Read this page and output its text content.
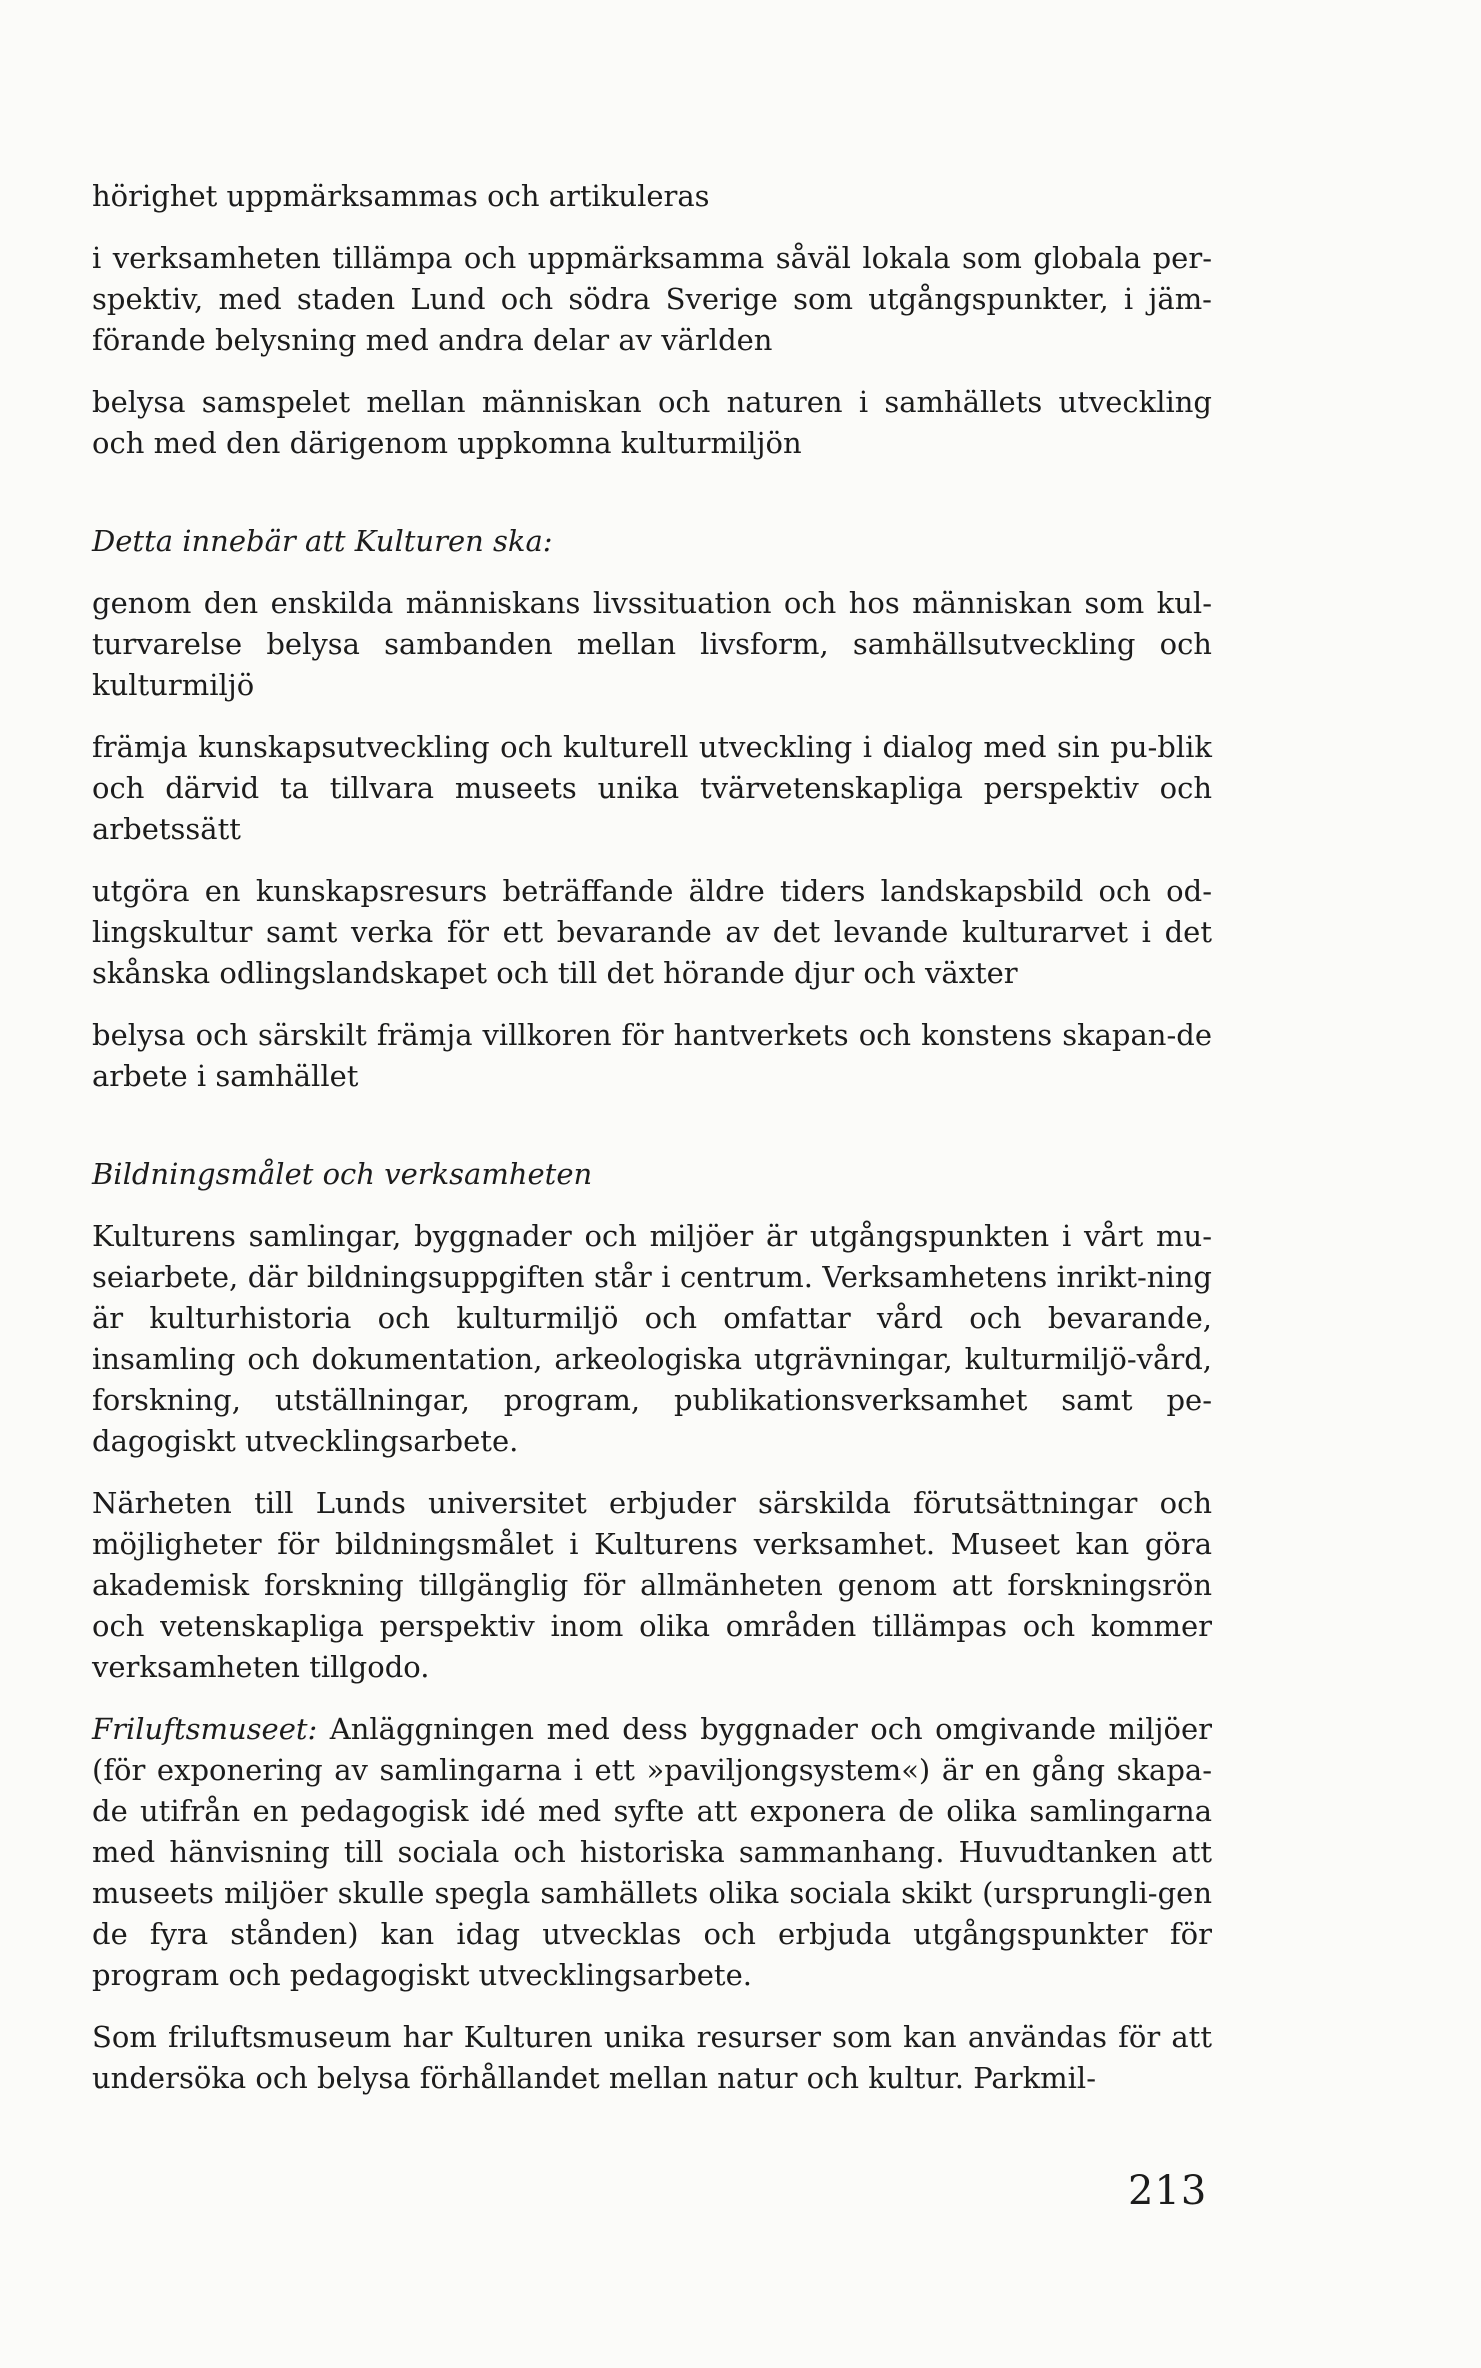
hörighet uppmärksammas och artikuleras

i verksamheten tillämpa och uppmärksamma såväl lokala som globala per-spektiv, med staden Lund och södra Sverige som utgångspunkter, i jäm-förande belysning med andra delar av världen

belysa samspelet mellan människan och naturen i samhällets utveckling och med den därigenom uppkomna kulturmiljön

Detta innebär att Kulturen ska:

genom den enskilda människans livssituation och hos människan som kul-turvarelse belysa sambanden mellan livsform, samhällsutveckling och kulturmiljö

främja kunskapsutveckling och kulturell utveckling i dialog med sin pu-blik och därvid ta tillvara museets unika tvärvetenskapliga perspektiv och arbetssätt

utgöra en kunskapsresurs beträffande äldre tiders landskapsbild och od-lingskultur samt verka för ett bevarande av det levande kulturarvet i det skånska odlingslandskapet och till det hörande djur och växter

belysa och särskilt främja villkoren för hantverkets och konstens skapan-de arbete i samhället

Bildningsmålet och verksamheten

Kulturens samlingar, byggnader och miljöer är utgångspunkten i vårt mu-seiarbete, där bildningsuppgiften står i centrum. Verksamhetens inrikt-ning är kulturhistoria och kulturmiljö och omfattar vård och bevarande, insamling och dokumentation, arkeologiska utgrävningar, kulturmiljö-vård, forskning, utställningar, program, publikationsverksamhet samt pe-dagogiskt utvecklingsarbete.

Närheten till Lunds universitet erbjuder särskilda förutsättningar och möjligheter för bildningsmålet i Kulturens verksamhet. Museet kan göra akademisk forskning tillgänglig för allmänheten genom att forskningsrön och vetenskapliga perspektiv inom olika områden tillämpas och kommer verksamheten tillgodo.

Friluftsmuseet: Anläggningen med dess byggnader och omgivande miljöer (för exponering av samlingarna i ett »paviljongsystem«) är en gång skapa-de utifrån en pedagogisk idé med syfte att exponera de olika samlingarna med hänvisning till sociala och historiska sammanhang. Huvudtanken att museets miljöer skulle spegla samhällets olika sociala skikt (ursprungli-gen de fyra stånden) kan idag utvecklas och erbjuda utgångspunkter för program och pedagogiskt utvecklingsarbete.

Som friluftsmuseum har Kulturen unika resurser som kan användas för att undersöka och belysa förhållandet mellan natur och kultur. Parkmil-

213
